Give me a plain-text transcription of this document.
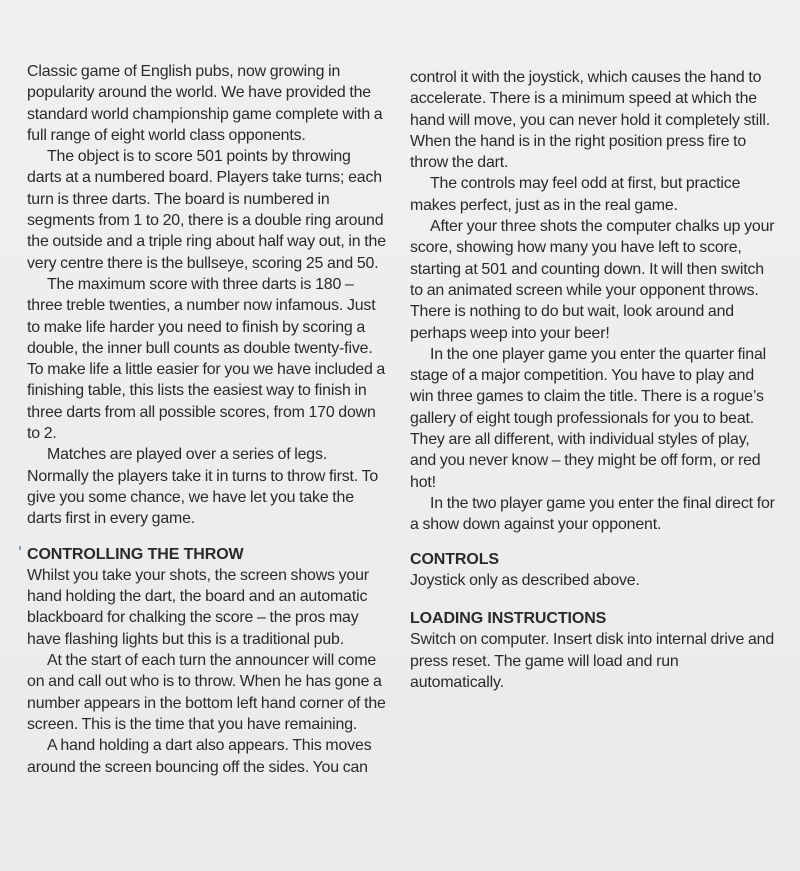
Classic game of English pubs, now growing in popularity around the world. We have provided the standard world championship game complete with a full range of eight world class opponents.

The object is to score 501 points by throwing darts at a numbered board. Players take turns; each turn is three darts. The board is numbered in segments from 1 to 20, there is a double ring around the outside and a triple ring about half way out, in the very centre there is the bullseye, scoring 25 and 50.

The maximum score with three darts is 180 – three treble twenties, a number now infamous. Just to make life harder you need to finish by scoring a double, the inner bull counts as double twenty-five. To make life a little easier for you we have included a finishing table, this lists the easiest way to finish in three darts from all possible scores, from 170 down to 2.

Matches are played over a series of legs. Normally the players take it in turns to throw first. To give you some chance, we have let you take the darts first in every game.

CONTROLLING THE THROW

Whilst you take your shots, the screen shows your hand holding the dart, the board and an automatic blackboard for chalking the score – the pros may have flashing lights but this is a traditional pub.

At the start of each turn the announcer will come on and call out who is to throw. When he has gone a number appears in the bottom left hand corner of the screen. This is the time that you have remaining.

A hand holding a dart also appears. This moves around the screen bouncing off the sides. You can

control it with the joystick, which causes the hand to accelerate. There is a minimum speed at which the hand will move, you can never hold it completely still. When the hand is in the right position press fire to throw the dart.

The controls may feel odd at first, but practice makes perfect, just as in the real game.

After your three shots the computer chalks up your score, showing how many you have left to score, starting at 501 and counting down. It will then switch to an animated screen while your opponent throws. There is nothing to do but wait, look around and perhaps weep into your beer!

In the one player game you enter the quarter final stage of a major competition. You have to play and win three games to claim the title. There is a rogue’s gallery of eight tough professionals for you to beat. They are all different, with individual styles of play, and you never know – they might be off form, or red hot!

In the two player game you enter the final direct for a show down against your opponent.

CONTROLS

Joystick only as described above.

LOADING INSTRUCTIONS

Switch on computer. Insert disk into internal drive and press reset. The game will load and run automatically.
